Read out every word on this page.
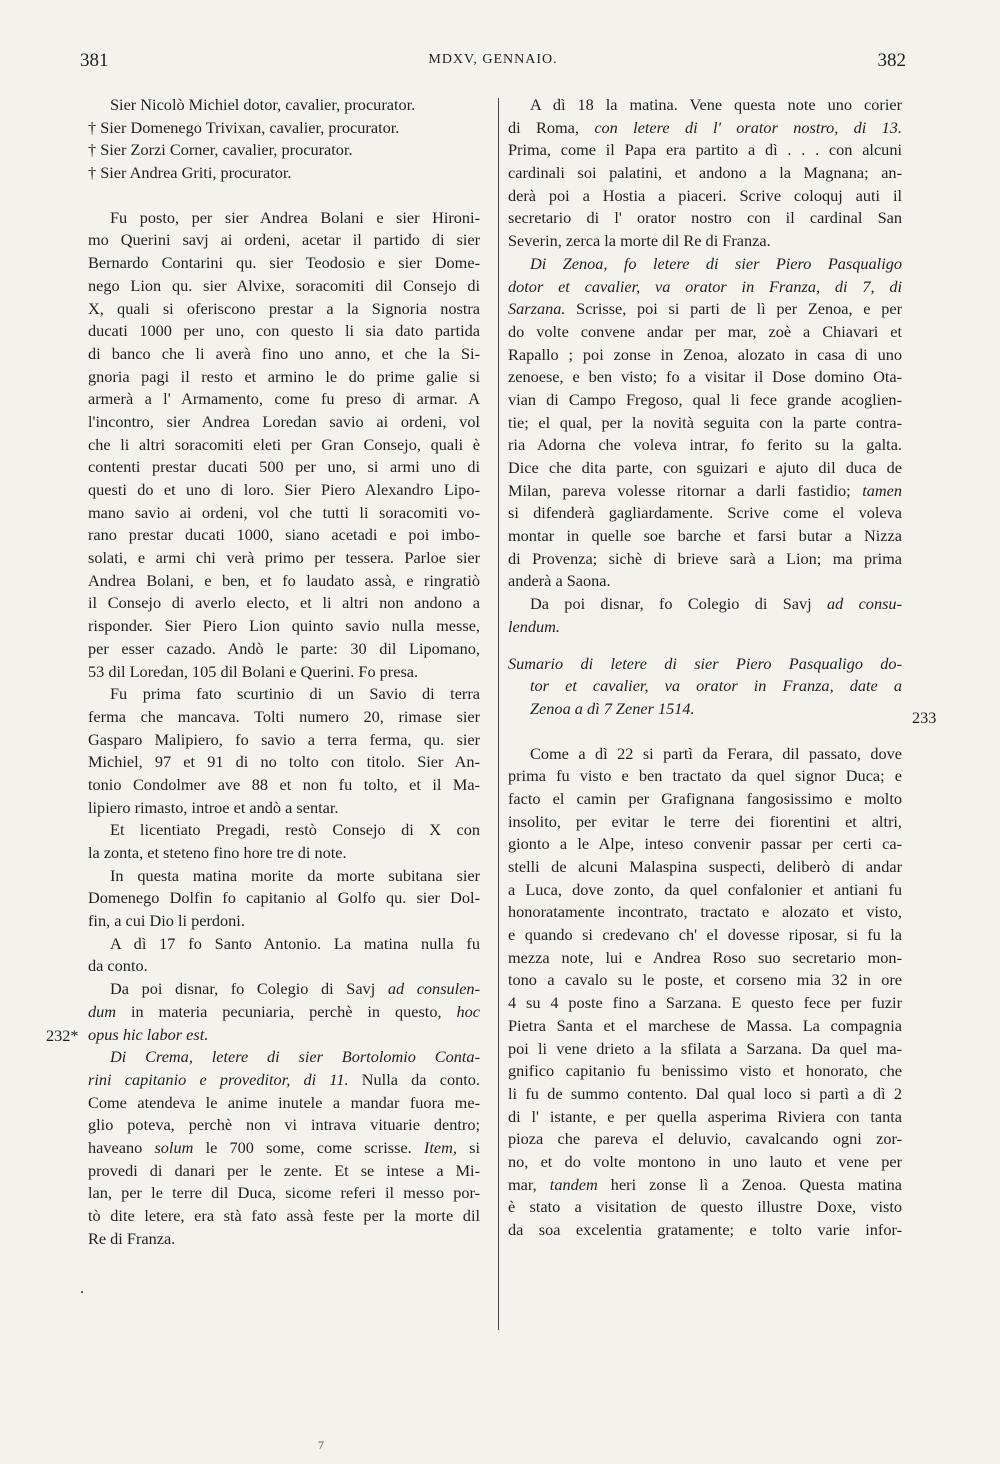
381	MDXV, GENNAIO.	382
Sier Nicolò Michiel dotor, cavalier, procurator.
† Sier Domenego Trivixan, cavalier, procurator.
† Sier Zorzi Corner, cavalier, procurator.
† Sier Andrea Griti, procurator.
Fu posto, per sier Andrea Bolani e sier Hironi-
mo Querini savj ai ordeni, acetar il partido di sier
Bernardo Contarini qu. sier Teodosio e sier Dome-
nego Lion qu. sier Alvixe, soracomiti dil Consejo di
X, quali si oferiscono prestar a la Signoria nostra
ducati 1000 per uno, con questo li sia dato partida
di banco che li averà fino uno anno, et che la Si-
gnoria pagi il resto et armino le do prime galie si
armerà a l' Armamento, come fu preso di armar. A
l'incontro, sier Andrea Loredan savio ai ordeni, vol
che li altri soracomiti eleti per Gran Consejo, quali è
contenti prestar ducati 500 per uno, si armi uno di
questi do et uno di loro. Sier Piero Alexandro Lipo-
mano savio ai ordeni, vol che tutti li soracomiti vo-
rano prestar ducati 1000, siano acetadi e poi imbo-
solati, e armi chi verà primo per tessera. Parloe sier
Andrea Bolani, e ben, et fo laudato assà, e ringratiò
il Consejo di averlo electo, et li altri non andono a
risponder. Sier Piero Lion quinto savio nulla messe,
per esser cazado. Andò le parte: 30 dil Lipomano,
53 dil Loredan, 105 dil Bolani e Querini. Fo presa.
Fu prima fato scurtinio di un Savio di terra
ferma che mancava. Tolti numero 20, rimase sier
Gasparo Malipiero, fo savio a terra ferma, qu. sier
Michiel, 97 et 91 di no tolto con titolo. Sier An-
tonio Condolmer ave 88 et non fu tolto, et il Ma-
lipiero rimasto, introe et andò a sentar.
Et licentiato Pregadi, restò Consejo di X con
la zonta, et steteno fino hore tre di note.
In questa matina morite da morte subitana sier
Domenego Dolfin fo capitanio al Golfo qu. sier Dol-
fin, a cui Dio li perdoni.
A dì 17 fo Santo Antonio. La matina nulla fu
da conto.
Da poi disnar, fo Colegio di Savj ad consulen-
dum in materia pecuniaria, perchè in questo, hoc
opus hic labor est.
Di Crema, letere di sier Bortolomio Conta-
rini capitanio e proveditor, di 11. Nulla da conto.
Come atendeva le anime inutele a mandar fuora me-
glio poteva, perchè non vi intrava vituarie dentro;
haveano solum le 700 some, come scrisse. Item, si
provedi di danari per le zente. Et se intese a Mi-
lan, per le terre dil Duca, sicome referi il messo por-
tò dite letere, era stà fato assà feste per la morte dil
Re di Franza.
A dì 18 la matina. Vene questa note uno corier
di Roma, con letere di l' orator nostro, di 13.
Prima, come il Papa era partito a dì . . . con alcuni
cardinali soi palatini, et andono a la Magnana; an-
derà poi a Hostia a piaceri. Scrive coloquj auti il
secretario di l' orator nostro con il cardinal San
Severin, zerca la morte dil Re di Franza.
Di Zenoa, fo letere di sier Piero Pasqualigo
dotor et cavalier, va orator in Franza, di 7, di
Sarzana. Scrisse, poi si parti de lì per Zenoa, e per
do volte convene andar per mar, zoè a Chiavari et
Rapallo ; poi zonse in Zenoa, alozato in casa di uno
zenoese, e ben visto; fo a visitar il Dose domino Ota-
vian di Campo Fregoso, qual li fece grande acoglien-
tie; el qual, per la novità seguita con la parte contra-
ria Adorna che voleva intrar, fo ferito su la galta.
Dice che dita parte, con sguizari e ajuto dil duca de
Milan, pareva volesse ritornar a darli fastidio; tamen
si difenderà gagliardamente. Scrive come el voleva
montar in quelle soe barche et farsi butar a Nizza
di Provenza; sichè di brieve sarà a Lion; ma prima
anderà a Saona.
Da poi disnar, fo Colegio di Savj ad consu-
lendum.
Sumario di letere di sier Piero Pasqualigo do-
tor et cavalier, va orator in Franza, date a
Zenoa a dì 7 Zener 1514.
Come a dì 22 si partì da Ferara, dil passato, dove
prima fu visto e ben tractato da quel signor Duca; e
facto el camin per Grafignana fangosissimo e molto
insolito, per evitar le terre dei fiorentini et altri,
gionto a le Alpe, inteso convenir passar per certi ca-
stelli de alcuni Malaspina suspecti, deliberò di andar
a Luca, dove zonto, da quel confalonier et antiani fu
honoratamente incontrato, tractato e alozato et visto,
e quando si credevano ch' el dovesse riposar, si fu la
mezza note, lui e Andrea Roso suo secretario mon-
tono a cavalo su le poste, et corseno mia 32 in ore
4 su 4 poste fino a Sarzana. E questo fece per fuzir
Pietra Santa et el marchese de Massa. La compagnia
poi li vene drieto a la sfilata a Sarzana. Da quel ma-
gnifico capitanio fu benissimo visto et honorato, che
li fu de summo contento. Dal qual loco si partì a dì 2
di l' istante, e per quella asperima Riviera con tanta
pioza che pareva el deluvio, cavalcando ogni zor-
no, et do volte montono in uno lauto et vene per
mar, tandem heri zonse lì a Zenoa. Questa matina
è stato a visitation de questo illustre Doxe, visto
da soa excelentia gratamente; e tolto varie infor-
232*
.
233
7
